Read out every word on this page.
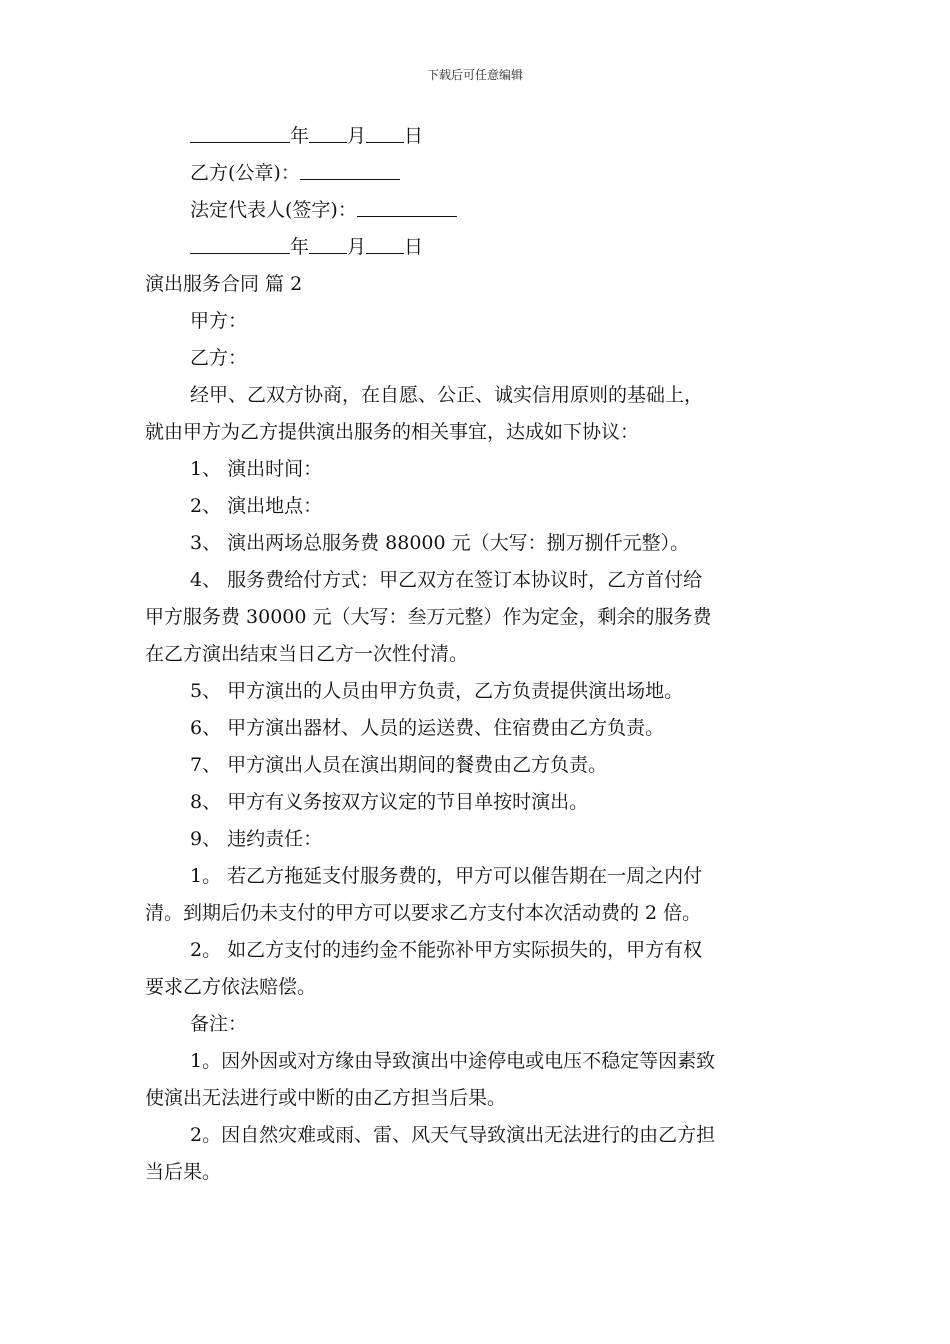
下载后可任意编辑
年 月 日
乙方(公章)：
法定代表人(签字)：
年 月 日
演出服务合同 篇 2
甲方：
乙方：
经甲、乙双方协商，在自愿、公正、诚实信用原则的基础上，
就由甲方为乙方提供演出服务的相关事宜，达成如下协议：
1、 演出时间：
2、 演出地点：
3、 演出两场总服务费 88000 元（大写：捌万捌仟元整）。
4、 服务费给付方式：甲乙双方在签订本协议时，乙方首付给
甲方服务费 30000 元（大写：叁万元整）作为定金，剩余的服务费
在乙方演出结束当日乙方一次性付清。
5、 甲方演出的人员由甲方负责，乙方负责提供演出场地。
6、 甲方演出器材、人员的运送费、住宿费由乙方负责。
7、 甲方演出人员在演出期间的餐费由乙方负责。
8、 甲方有义务按双方议定的节目单按时演出。
9、 违约责任：
1。 若乙方拖延支付服务费的，甲方可以催告期在一周之内付
清。到期后仍未支付的甲方可以要求乙方支付本次活动费的 2 倍。
2。 如乙方支付的违约金不能弥补甲方实际损失的，甲方有权
要求乙方依法赔偿。
备注：
1。因外因或对方缘由导致演出中途停电或电压不稳定等因素致
使演出无法进行或中断的由乙方担当后果。
2。因自然灾难或雨、雷、风天气导致演出无法进行的由乙方担
当后果。
